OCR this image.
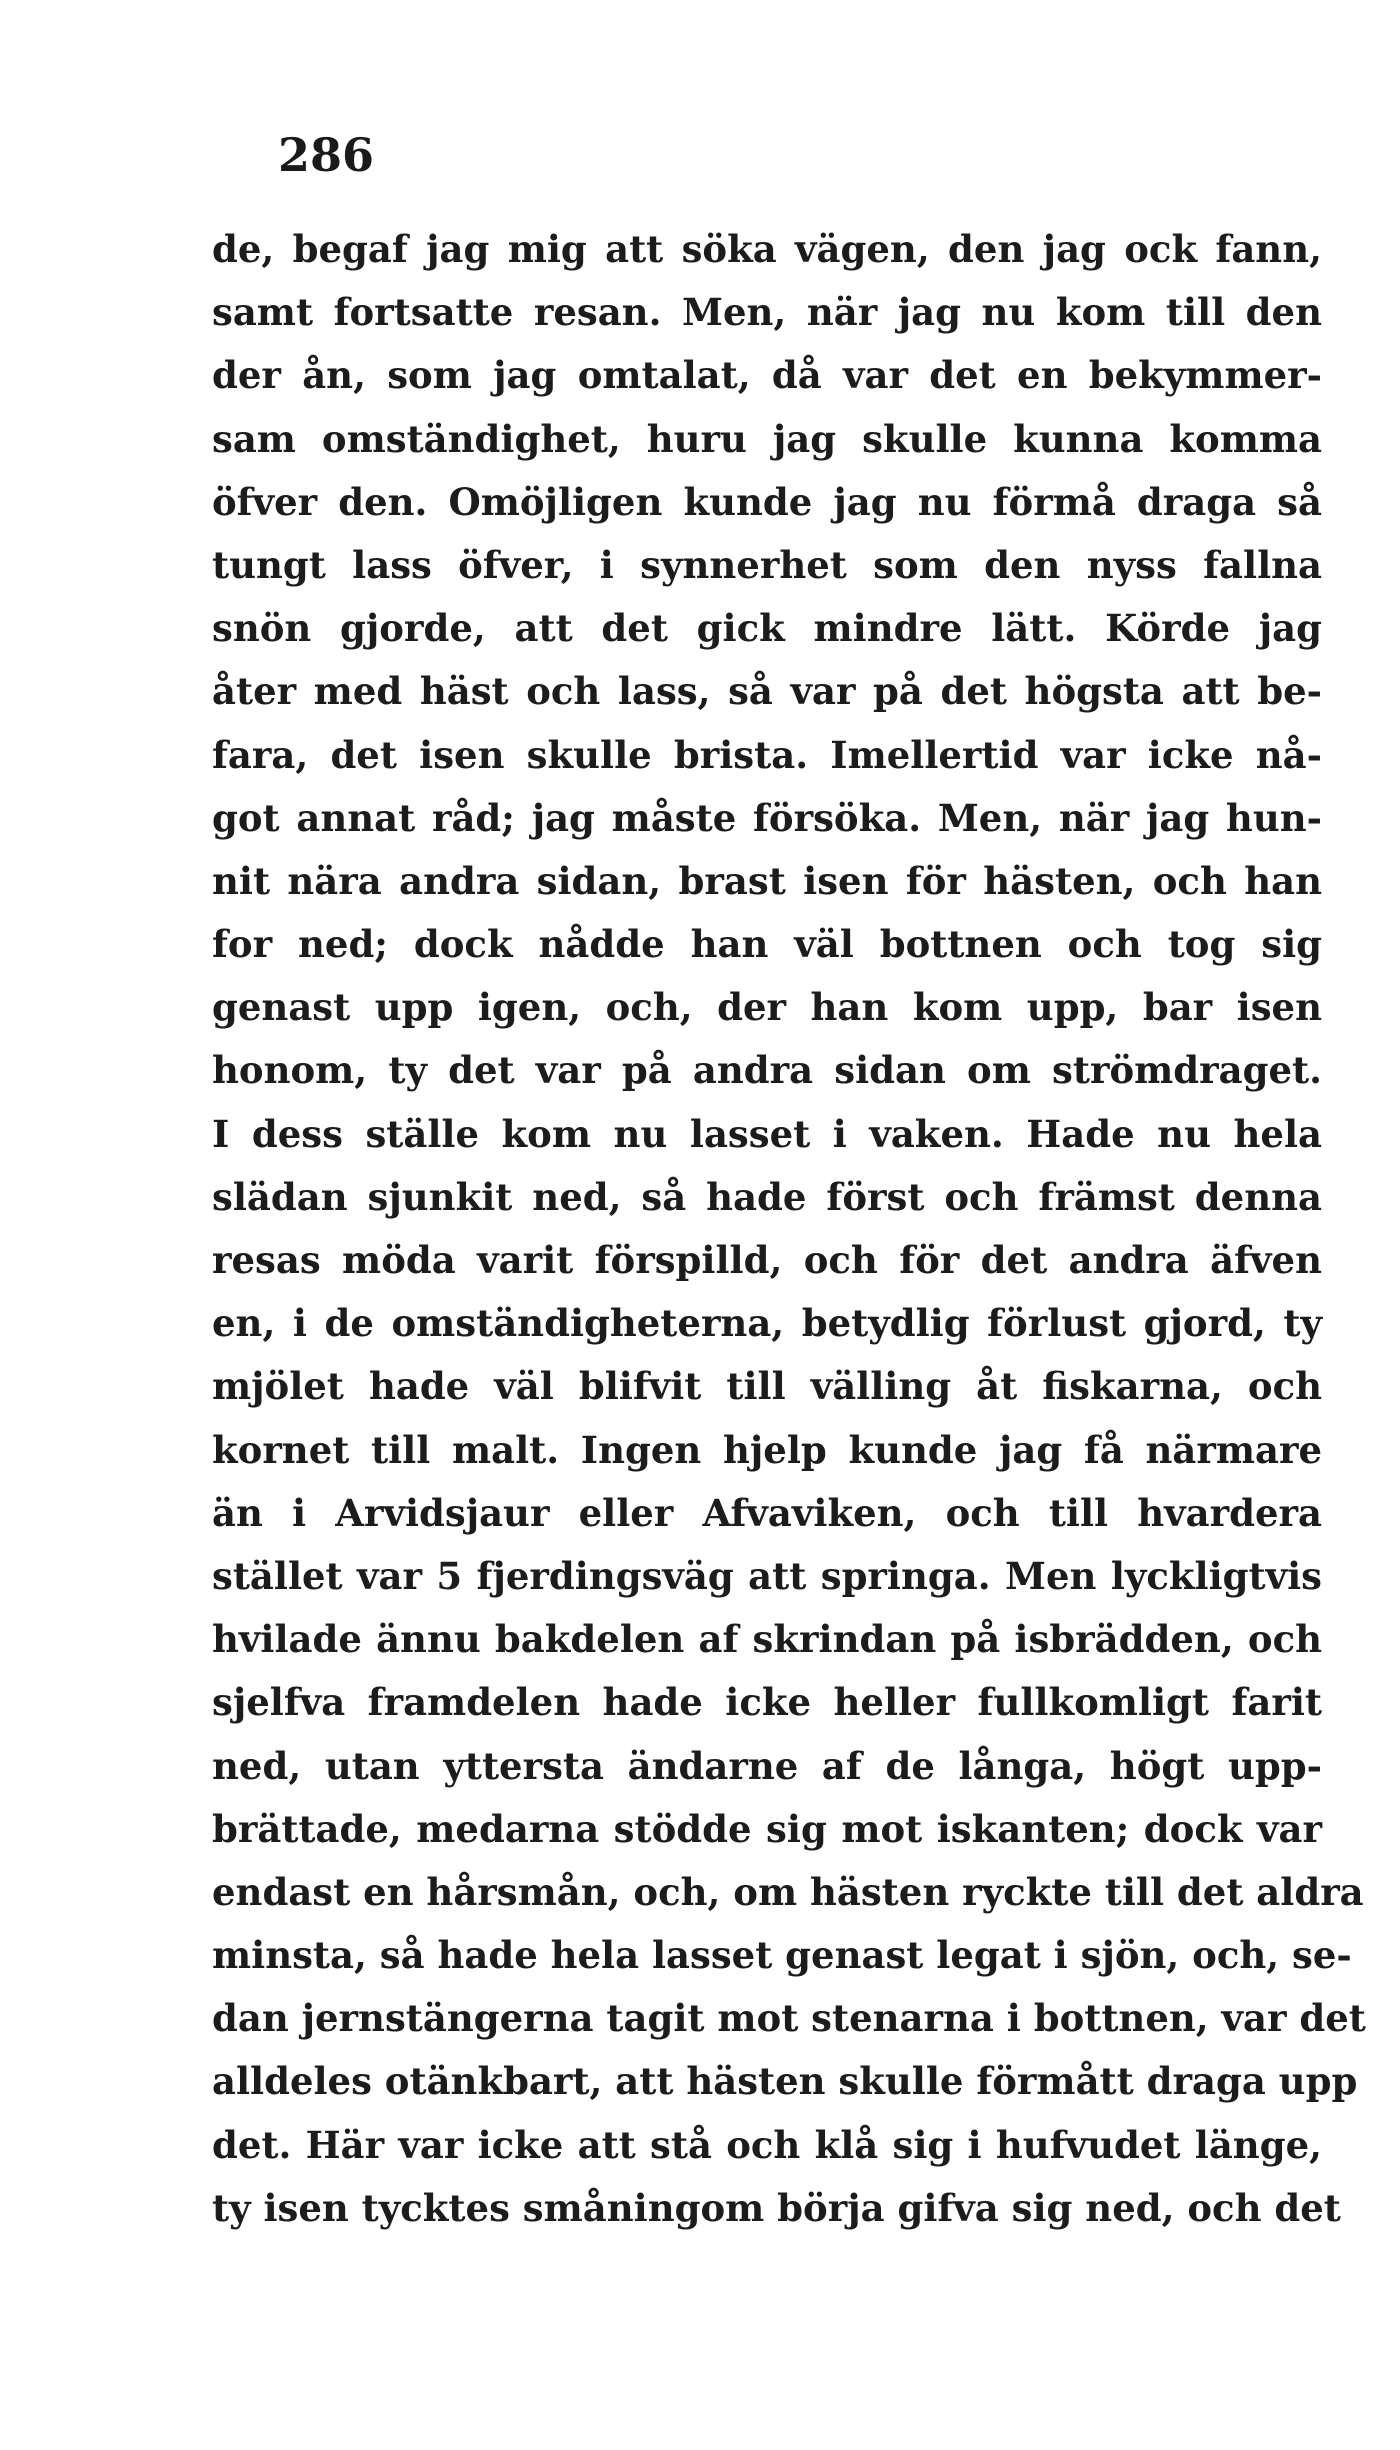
286
de, begaf jag mig att söka vägen, den jag ock fann,
samt fortsatte resan. Men, när jag nu kom till den
der ån, som jag omtalat, då var det en bekymmer-
sam omständighet, huru jag skulle kunna komma
öfver den. Omöjligen kunde jag nu förmå draga så
tungt lass öfver, i synnerhet som den nyss fallna
snön gjorde, att det gick mindre lätt. Körde jag
åter med häst och lass, så var på det högsta att be-
fara, det isen skulle brista. Imellertid var icke nå-
got annat råd; jag måste försöka. Men, när jag hun-
nit nära andra sidan, brast isen för hästen, och han
for ned; dock nådde han väl bottnen och tog sig
genast upp igen, och, der han kom upp, bar isen
honom, ty det var på andra sidan om strömdraget.
I dess ställe kom nu lasset i vaken. Hade nu hela
slädan sjunkit ned, så hade först och främst denna
resas möda varit förspilld, och för det andra äfven
en, i de omständigheterna, betydlig förlust gjord, ty
mjölet hade väl blifvit till välling åt fiskarna, och
kornet till malt. Ingen hjelp kunde jag få närmare
än i Arvidsjaur eller Afvaviken, och till hvardera
stället var 5 fjerdingsväg att springa. Men lyckligtvis
hvilade ännu bakdelen af skrindan på isbrädden, och
sjelfva framdelen hade icke heller fullkomligt farit
ned, utan yttersta ändarne af de långa, högt upp-
brättade, medarna stödde sig mot iskanten; dock var
endast en hårsmån, och, om hästen ryckte till det aldra
minsta, så hade hela lasset genast legat i sjön, och, se-
dan jernstängerna tagit mot stenarna i bottnen, var det
alldeles otänkbart, att hästen skulle förmått draga upp
det. Här var icke att stå och klå sig i hufvudet länge,
ty isen tycktes småningom börja gifva sig ned, och det
